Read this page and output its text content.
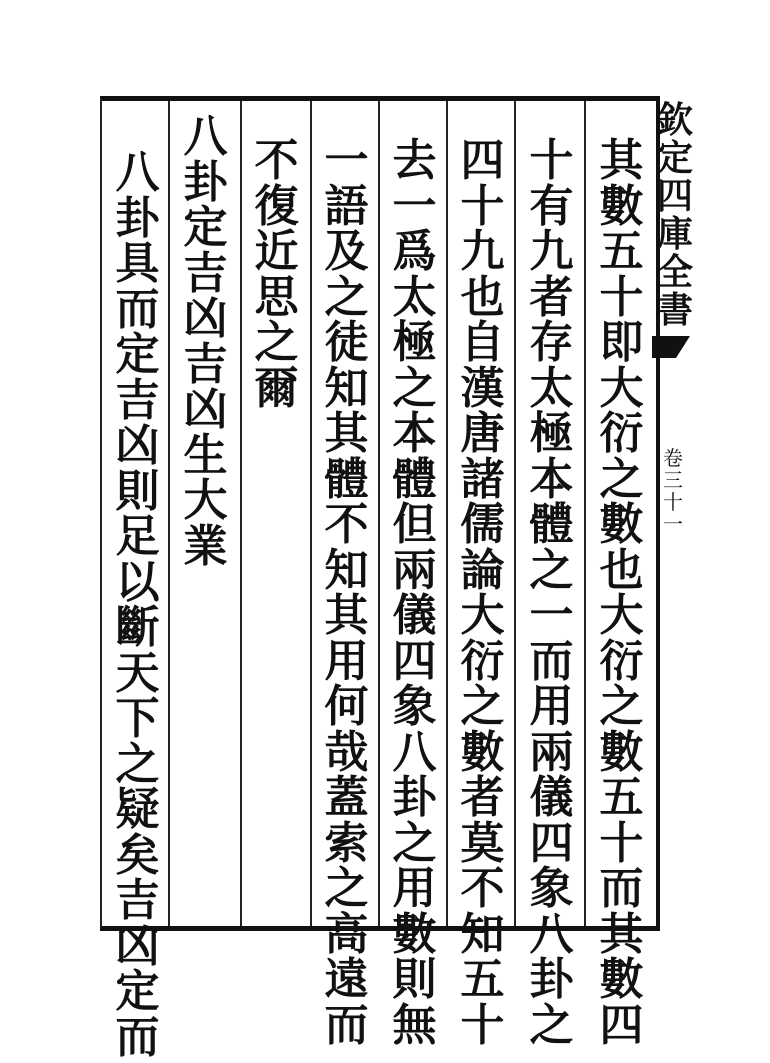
欽
定
四
庫
全
書
卷
三
十
一
其
數
五
十
即
大
衍
之
數
也
大
衍
之
數
五
十
而
其
數
四
十
有
九
者
存
太
極
本
體
之
一
而
用
兩
儀
四
象
八
卦
之
四
十
九
也
自
漢
唐
諸
儒
論
大
衍
之
數
者
莫
不
知
五
十
去
一
爲
太
極
之
本
體
但
兩
儀
四
象
八
卦
之
用
數
則
無
一
語
及
之
徒
知
其
體
不
知
其
用
何
哉
蓋
索
之
高
遠
而
不
復
近
思
之
爾
八
卦
定
吉
凶
吉
凶
生
大
業
八
卦
具
而
定
吉
凶
則
足
以
斷
天
下
之
疑
矣
吉
凶
定
而
